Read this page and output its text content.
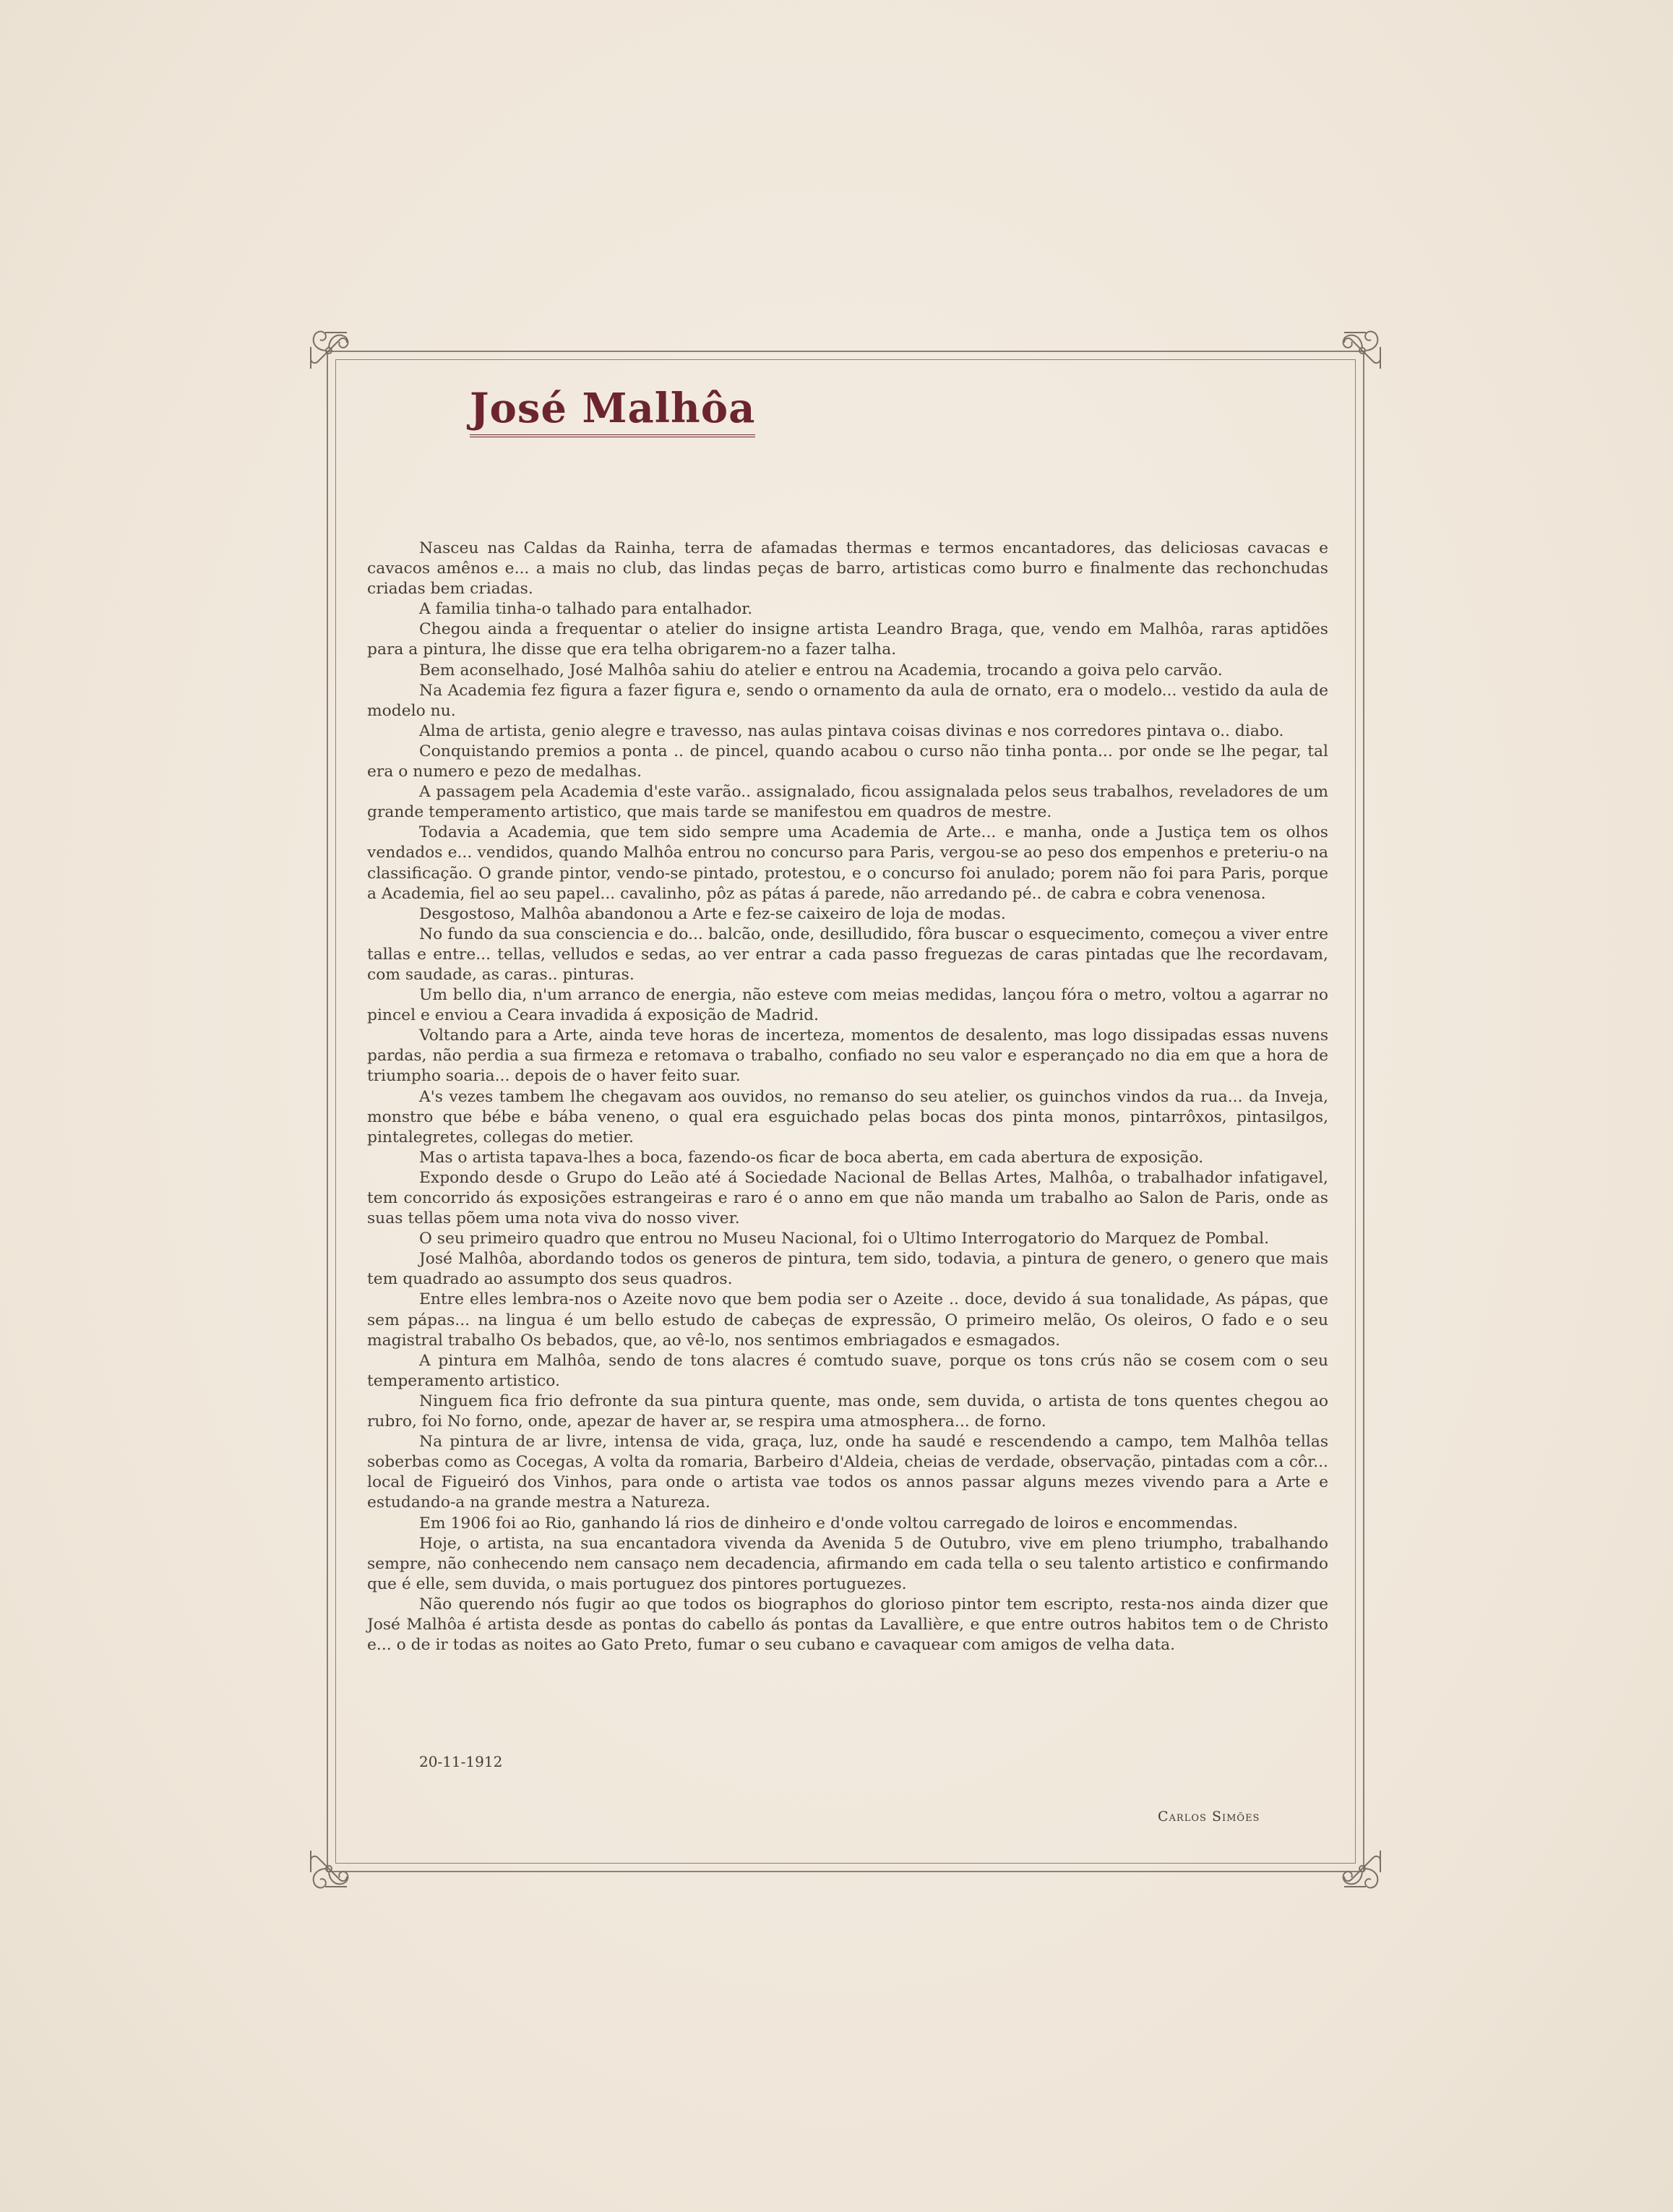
José Malhôa

Nasceu nas Caldas da Rainha, terra de afamadas thermas e termos encantadores, das deliciosas cavacas e cavacos amênos e... a mais no club, das lindas peças de barro, artisticas como burro e finalmente das rechonchudas criadas bem criadas.

A familia tinha-o talhado para entalhador.

Chegou ainda a frequentar o atelier do insigne artista Leandro Braga, que, vendo em Malhôa, raras aptidões para a pintura, lhe disse que era telha obrigarem-no a fazer talha.

Bem aconselhado, José Malhôa sahiu do atelier e entrou na Academia, trocando a goiva pelo carvão.

Na Academia fez figura a fazer figura e, sendo o ornamento da aula de ornato, era o modelo... vestido da aula de modelo nu.

Alma de artista, genio alegre e travesso, nas aulas pintava coisas divinas e nos corredores pintava o.. diabo.

Conquistando premios a ponta .. de pincel, quando acabou o curso não tinha ponta... por onde se lhe pegar, tal era o numero e pezo de medalhas.

A passagem pela Academia d'este varão.. assignalado, ficou assignalada pelos seus trabalhos, reveladores de um grande temperamento artistico, que mais tarde se manifestou em quadros de mestre.

Todavia a Academia, que tem sido sempre uma Academia de Arte... e manha, onde a Justiça tem os olhos vendados e... vendidos, quando Malhôa entrou no concurso para Paris, vergou-se ao peso dos empenhos e preteriu-o na classificação. O grande pintor, vendo-se pintado, protestou, e o concurso foi anulado; porem não foi para Paris, porque a Academia, fiel ao seu papel... cavalinho, pôz as pátas á parede, não arredando pé.. de cabra e cobra venenosa.

Desgostoso, Malhôa abandonou a Arte e fez-se caixeiro de loja de modas.

No fundo da sua consciencia e do... balcão, onde, desilludido, fôra buscar o esquecimento, começou a viver entre tallas e entre... tellas, velludos e sedas, ao ver entrar a cada passo freguezas de caras pintadas que lhe recordavam, com saudade, as caras.. pinturas.

Um bello dia, n'um arranco de energia, não esteve com meias medidas, lançou fóra o metro, voltou a agarrar no pincel e enviou a Ceara invadida á exposição de Madrid.

Voltando para a Arte, ainda teve horas de incerteza, momentos de desalento, mas logo dissipadas essas nuvens pardas, não perdia a sua firmeza e retomava o trabalho, confiado no seu valor e esperançado no dia em que a hora de triumpho soaria... depois de o haver feito suar.

A's vezes tambem lhe chegavam aos ouvidos, no remanso do seu atelier, os guinchos vindos da rua... da Inveja, monstro que bébe e bába veneno, o qual era esguichado pelas bocas dos pinta monos, pintarrôxos, pintasilgos, pintalegretes, collegas do metier.

Mas o artista tapava-lhes a boca, fazendo-os ficar de boca aberta, em cada abertura de exposição.

Expondo desde o Grupo do Leão até á Sociedade Nacional de Bellas Artes, Malhôa, o trabalhador infatigavel, tem concorrido ás exposições estrangeiras e raro é o anno em que não manda um trabalho ao Salon de Paris, onde as suas tellas põem uma nota viva do nosso viver.

O seu primeiro quadro que entrou no Museu Nacional, foi o Ultimo Interrogatorio do Marquez de Pombal.

José Malhôa, abordando todos os generos de pintura, tem sido, todavia, a pintura de genero, o genero que mais tem quadrado ao assumpto dos seus quadros.

Entre elles lembra-nos o Azeite novo que bem podia ser o Azeite .. doce, devido á sua tonalidade, As pápas, que sem pápas... na lingua é um bello estudo de cabeças de expressão, O primeiro melão, Os oleiros, O fado e o seu magistral trabalho Os bebados, que, ao vê-lo, nos sentimos embriagados e esmagados.

A pintura em Malhôa, sendo de tons alacres é comtudo suave, porque os tons crús não se cosem com o seu temperamento artistico.

Ninguem fica frio defronte da sua pintura quente, mas onde, sem duvida, o artista de tons quentes chegou ao rubro, foi No forno, onde, apezar de haver ar, se respira uma atmosphera... de forno.

Na pintura de ar livre, intensa de vida, graça, luz, onde ha saudé e rescendendo a campo, tem Malhôa tellas soberbas como as Cocegas, A volta da romaria, Barbeiro d'Aldeia, cheias de verdade, observação, pintadas com a côr... local de Figueiró dos Vinhos, para onde o artista vae todos os annos passar alguns mezes vivendo para a Arte e estudando-a na grande mestra a Natureza.

Em 1906 foi ao Rio, ganhando lá rios de dinheiro e d'onde voltou carregado de loiros e encommendas.

Hoje, o artista, na sua encantadora vivenda da Avenida 5 de Outubro, vive em pleno triumpho, trabalhando sempre, não conhecendo nem cansaço nem decadencia, afirmando em cada tella o seu talento artistico e confirmando que é elle, sem duvida, o mais portuguez dos pintores portuguezes.

Não querendo nós fugir ao que todos os biographos do glorioso pintor tem escripto, resta-nos ainda dizer que José Malhôa é artista desde as pontas do cabello ás pontas da Lavallière, e que entre outros habitos tem o de Christo e... o de ir todas as noites ao Gato Preto, fumar o seu cubano e cavaquear com amigos de velha data.

20-11-1912
Carlos Simões
